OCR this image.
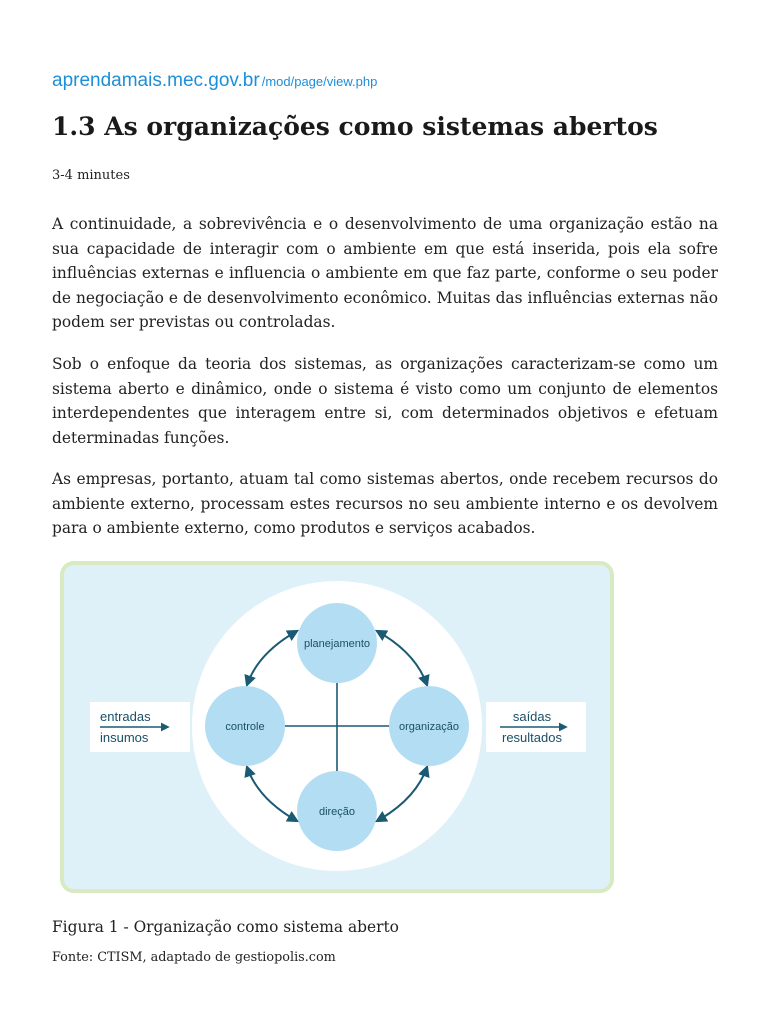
aprendamais.mec.gov.br /mod/page/view.php
1.3 As organizações como sistemas abertos
3-4 minutes

A continuidade, a sobrevivência e o desenvolvimento de uma organização estão na sua capacidade de interagir com o ambiente em que está inserida, pois ela sofre influências externas e influencia o ambiente em que faz parte, conforme o seu poder de negociação e de desenvolvimento econômico. Muitas das influências externas não podem ser previstas ou controladas.

Sob o enfoque da teoria dos sistemas, as organizações caracterizam-se como um sistema aberto e dinâmico, onde o sistema é visto como um conjunto de elementos interdependentes que interagem entre si, com determinados objetivos e efetuam determinadas funções.

As empresas, portanto, atuam tal como sistemas abertos, onde recebem recursos do ambiente externo, processam estes recursos no seu ambiente interno e os devolvem para o ambiente externo, como produtos e serviços acabados.

entradas
insumos
saídas
resultados
planejamento
controle	organização
direção
Figura 1 - Organização como sistema aberto
Fonte: CTISM, adaptado de gestiopolis.com
